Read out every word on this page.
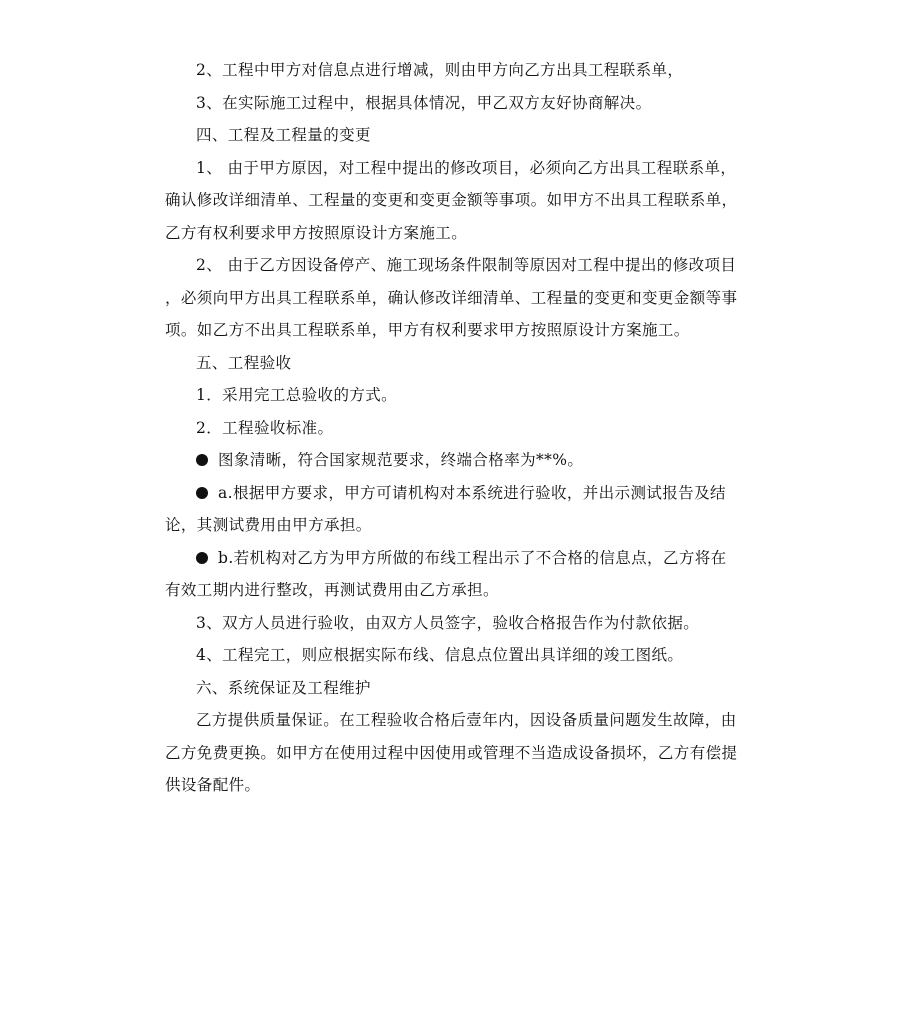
2、工程中甲方对信息点进行增减，则由甲方向乙方出具工程联系单，

3、在实际施工过程中，根据具体情况，甲乙双方友好协商解决。

四、工程及工程量的变更

1、 由于甲方原因，对工程中提出的修改项目，必须向乙方出具工程联系单，

确认修改详细清单、工程量的变更和变更金额等事项。如甲方不出具工程联系单，

乙方有权利要求甲方按照原设计方案施工。

2、 由于乙方因设备停产、施工现场条件限制等原因对工程中提出的修改项目

，必须向甲方出具工程联系单，确认修改详细清单、工程量的变更和变更金额等事

项。如乙方不出具工程联系单，甲方有权利要求甲方按照原设计方案施工。

五、工程验收

1．采用完工总验收的方式。

2．工程验收标准。

图象清晰，符合国家规范要求，终端合格率为**%。

a.根据甲方要求，甲方可请机构对本系统进行验收，并出示测试报告及结

论，其测试费用由甲方承担。

b.若机构对乙方为甲方所做的布线工程出示了不合格的信息点，乙方将在

有效工期内进行整改，再测试费用由乙方承担。

3、双方人员进行验收，由双方人员签字，验收合格报告作为付款依据。

4、工程完工，则应根据实际布线、信息点位置出具详细的竣工图纸。

六、系统保证及工程维护

乙方提供质量保证。在工程验收合格后壹年内，因设备质量问题发生故障，由

乙方免费更换。如甲方在使用过程中因使用或管理不当造成设备损坏，乙方有偿提

供设备配件。
